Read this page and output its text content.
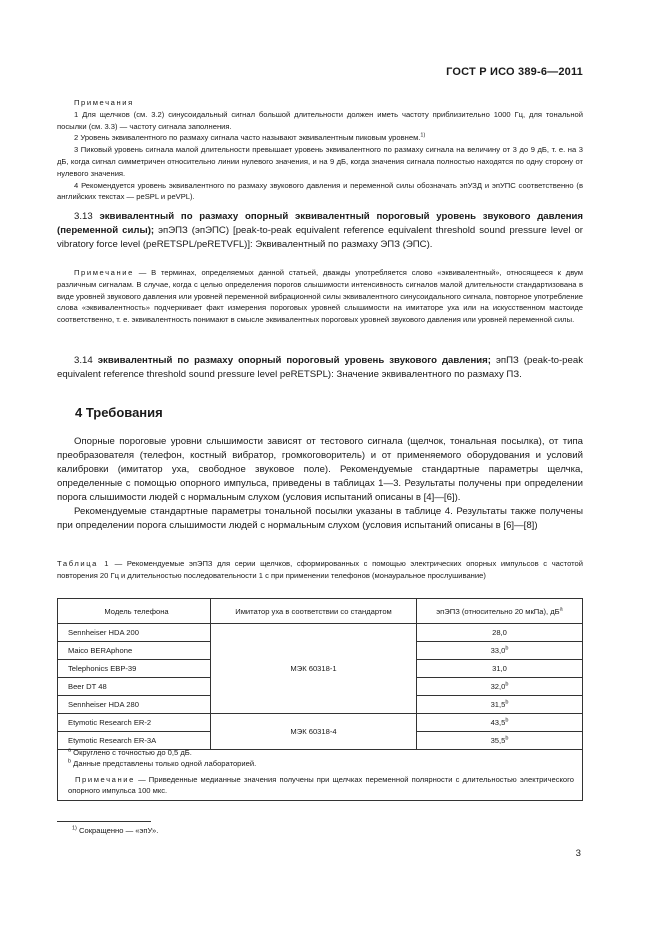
ГОСТ Р ИСО 389-6—2011

Примечания

1 Для щелчков (см. 3.2) синусоидальный сигнал большой длительности должен иметь частоту приблизительно 1000 Гц, для тональной посылки (см. 3.3) — частоту сигнала заполнения.

2 Уровень эквивалентного по размаху сигнала часто называют эквивалентным пиковым уровнем.$^{1)}$

3 Пиковый уровень сигнала малой длительности превышает уровень эквивалентного по размаху сигнала на величину от 3 до 9 дБ, т. е. на 3 дБ, когда сигнал симметричен относительно линии нулевого значения, и на 9 дБ, когда значения сигнала полностью находятся по одну сторону от нулевого значения.

4 Рекомендуется уровень эквивалентного по размаху звукового давления и переменной силы обозначать эпУЗД и эпУПС соответственно (в английских текстах — peSPL и peVPL).

3.13 эквивалентный по размаху опорный эквивалентный пороговый уровень звукового давления (переменной силы); эпЭПЗ (эпЭПС) [peak-to-peak equivalent reference equivalent threshold sound pressure level or vibratory force level (peRETSPL/peRETVFL)]: Эквивалентный по размаху ЭПЗ (ЭПС).

Примечание — В терминах, определяемых данной статьей, дважды употребляется слово «эквивалентный», относящееся к двум различным сигналам. В случае, когда с целью определения порогов слышимости интенсивность сигналов малой длительности стандартизована в виде уровней звукового давления или уровней переменной вибрационной силы эквивалентного синусоидального сигнала, повторное употребление слова «эквивалентность» подчеркивает факт измерения пороговых уровней слышимости на имитаторе уха или на искусственном мастоиде соответственно, т. е. эквивалентность понимают в смысле эквивалентных пороговых уровней звукового давления или уровней переменной силы.

3.14 эквивалентный по размаху опорный пороговый уровень звукового давления; эпПЗ (peak-to-peak equivalent reference threshold sound pressure level peRETSPL): Значение эквивалентного по размаху ПЗ.

4 Требования

Опорные пороговые уровни слышимости зависят от тестового сигнала (щелчок, тональная посылка), от типа преобразователя (телефон, костный вибратор, громкоговоритель) и от применяемого оборудования и условий калибровки (имитатор уха, свободное звуковое поле). Рекомендуемые стандартные параметры щелчка, определенные с помощью опорного импульса, приведены в таблицах 1—3. Результаты получены при определении порога слышимости людей с нормальным слухом (условия испытаний описаны в [4]—[6]).

Рекомендуемые стандартные параметры тональной посылки указаны в таблице 4. Результаты также получены при определении порога слышимости людей с нормальным слухом (условия испытаний описаны в [6]—[8])

Таблица 1 — Рекомендуемые эпЭПЗ для серии щелчков, сформированных с помощью электрических опорных импульсов с частотой повторения 20 Гц и длительностью последовательности 1 с при применении телефонов (монауральное прослушивание)

Модель телефона	Имитатор уха в соответствии со стандартом	эпЭПЗ (относительно 20 мкПа), $дБ^a$
Sennheiser HDA 200	МЭК 60318-1	28,0
Maico BERAphone		33,0$^b$
Telephonics EBP-39		31,0
Beer DT 48		32,0$^b$
Sennheiser HDA 280		31,5$^b$
Etymotic Research ER-2	МЭК 60318-4	43,5$^b$
Etymotic Research ER-3A		35,5$^b$

$^a$ Округлено с точностью до 0,5 дБ.

$^b$ Данные представлены только одной лабораторией.

Примечание — Приведенные медианные значения получены при щелчках переменной полярности с длительностью электрического опорного импульса 100 мкс.

$^{1)}$ Сокращенно — «эпУ».
3
